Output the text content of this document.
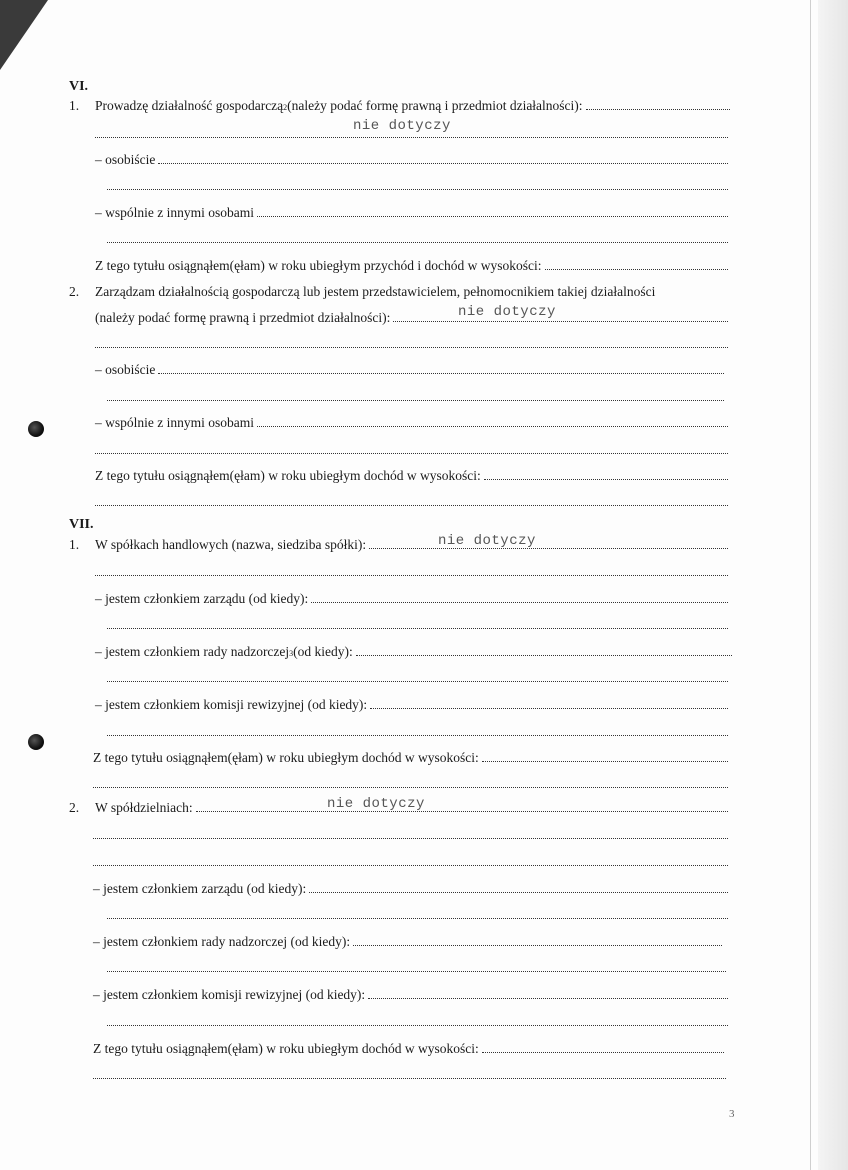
VI.
1.	Prowadzę działalność gospodarczą 2 (należy podać formę prawną i przedmiot działalności):
nie dotyczy
– osobiście
– wspólnie z innymi osobami
Z tego tytułu osiągnąłem(ęłam) w roku ubiegłym przychód i dochód w wysokości:
2.	Zarządzam działalnością gospodarczą lub jestem przedstawicielem, pełnomocnikiem takiej działalności
nie dotyczy
(należy podać formę prawną i przedmiot działalności):
– osobiście
– wspólnie z innymi osobami
Z tego tytułu osiągnąłem(ęłam) w roku ubiegłym dochód w wysokości:
VII.
1.	W spółkach handlowych (nazwa, siedziba spółki):	nie dotyczy
– jestem członkiem zarządu (od kiedy):
– jestem członkiem rady nadzorczej 3 (od kiedy):
– jestem członkiem komisji rewizyjnej (od kiedy):
Z tego tytułu osiągnąłem(ęłam) w roku ubiegłym dochód w wysokości:
2.	W spółdzielniach:	nie dotyczy
– jestem członkiem zarządu (od kiedy):
– jestem członkiem rady nadzorczej (od kiedy):
– jestem członkiem komisji rewizyjnej (od kiedy):
Z tego tytułu osiągnąłem(ęłam) w roku ubiegłym dochód w wysokości:
3
